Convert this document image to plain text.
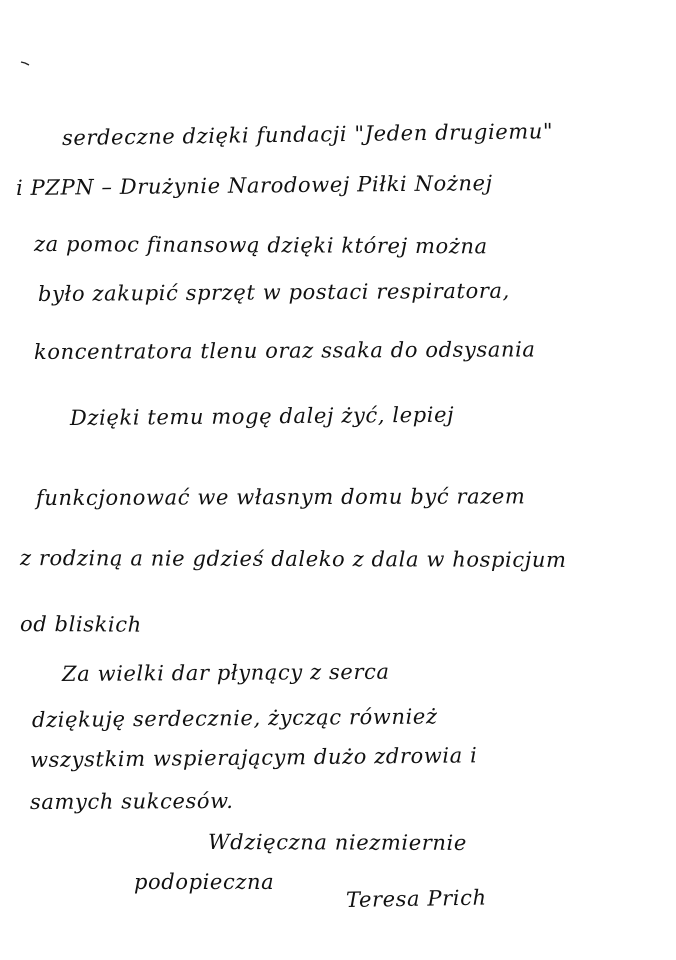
serdeczne dzięki fundacji "Jeden drugiemu"
i PZPN – Drużynie Narodowej Piłki Nożnej
za pomoc finansową dzięki której można
było zakupić sprzęt w postaci respiratora,
koncentratora tlenu oraz ssaka do odsysania
Dzięki temu mogę dalej żyć, lepiej
funkcjonować we własnym domu być razem
z rodziną a nie gdzieś daleko z dala w hospicjum
od bliskich
Za wielki dar płynący z serca
dziękuję serdecznie, życząc również
wszystkim wspierającym dużo zdrowia i
samych sukcesów.
Wdzięczna niezmiernie
podopieczna
Teresa Prich
